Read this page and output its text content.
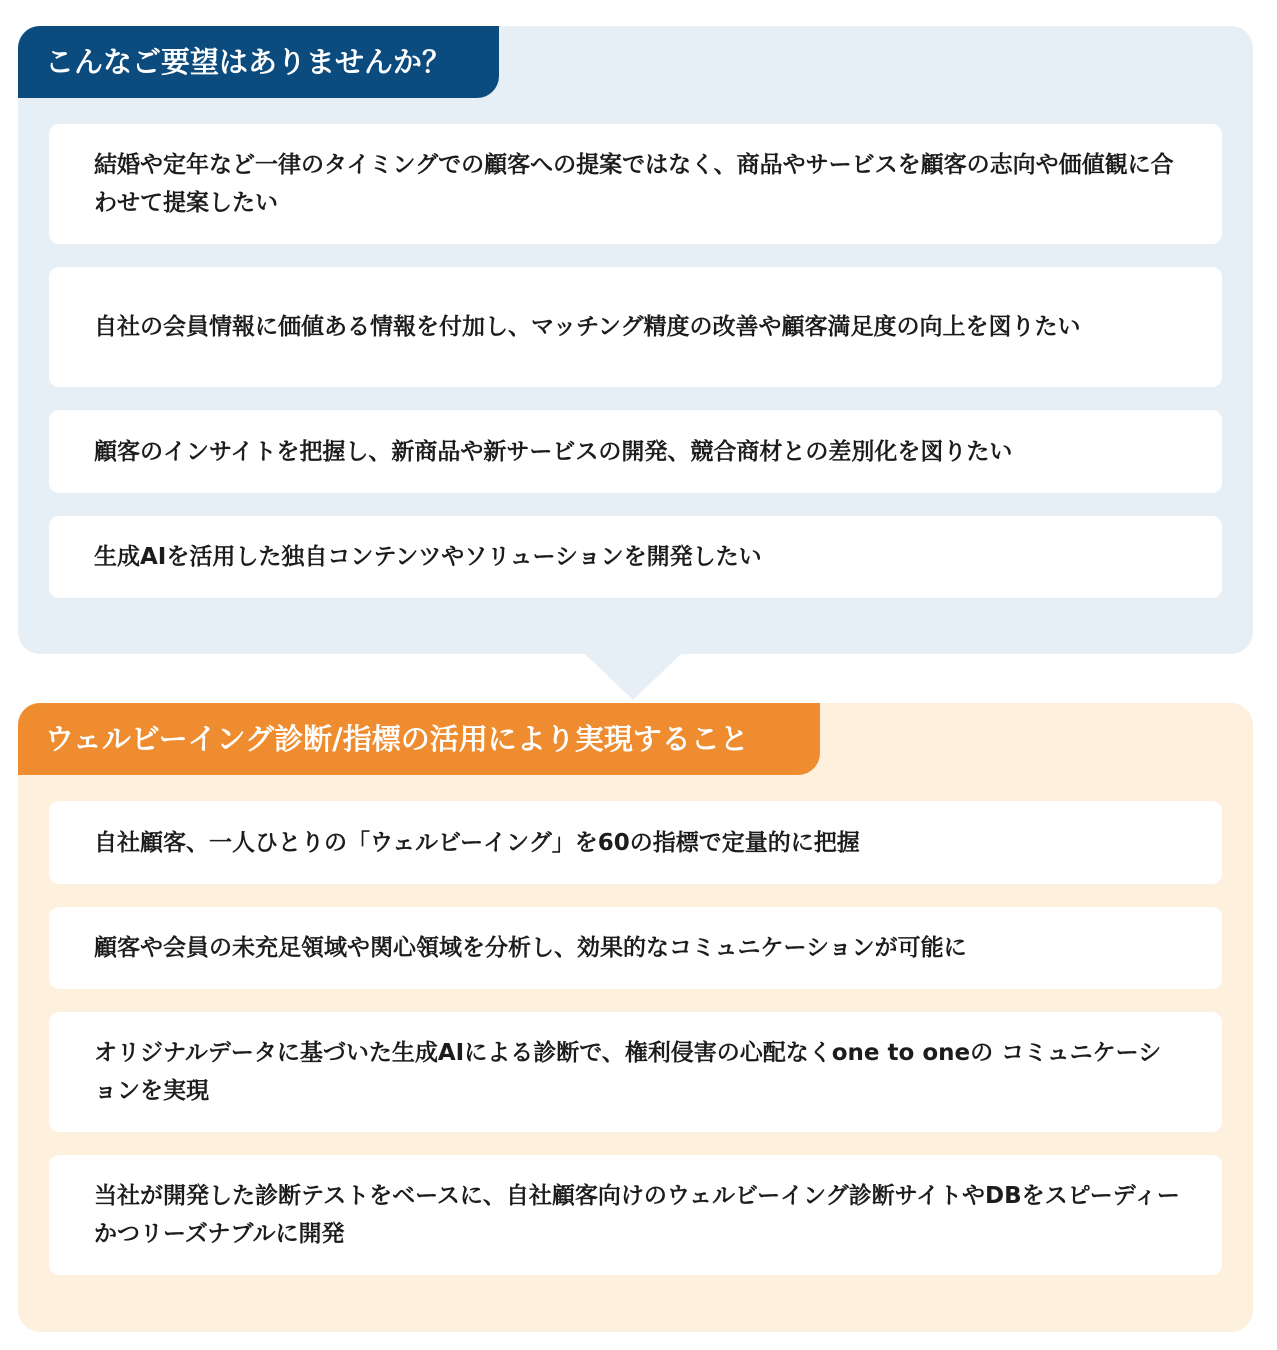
こんなご要望はありませんか？
結婚や定年など一律のタイミングでの顧客への提案ではなく、商品やサービスを顧客の志向や価値観に合わせて提案したい
自社の会員情報に価値ある情報を付加し、マッチング精度の改善や顧客満足度の向上を図りたい
顧客のインサイトを把握し、新商品や新サービスの開発、競合商材との差別化を図りたい
生成AIを活用した独自コンテンツやソリューションを開発したい
ウェルビーイング診断/指標の活用により実現すること
自社顧客、一人ひとりの「ウェルビーイング」を60の指標で定量的に把握
顧客や会員の未充足領域や関心領域を分析し、効果的なコミュニケーションが可能に
オリジナルデータに基づいた生成AIによる診断で、権利侵害の心配なくone to oneの コミュニケーションを実現
当社が開発した診断テストをベースに、自社顧客向けのウェルビーイング診断サイトやDBをスピーディーかつリーズナブルに開発
